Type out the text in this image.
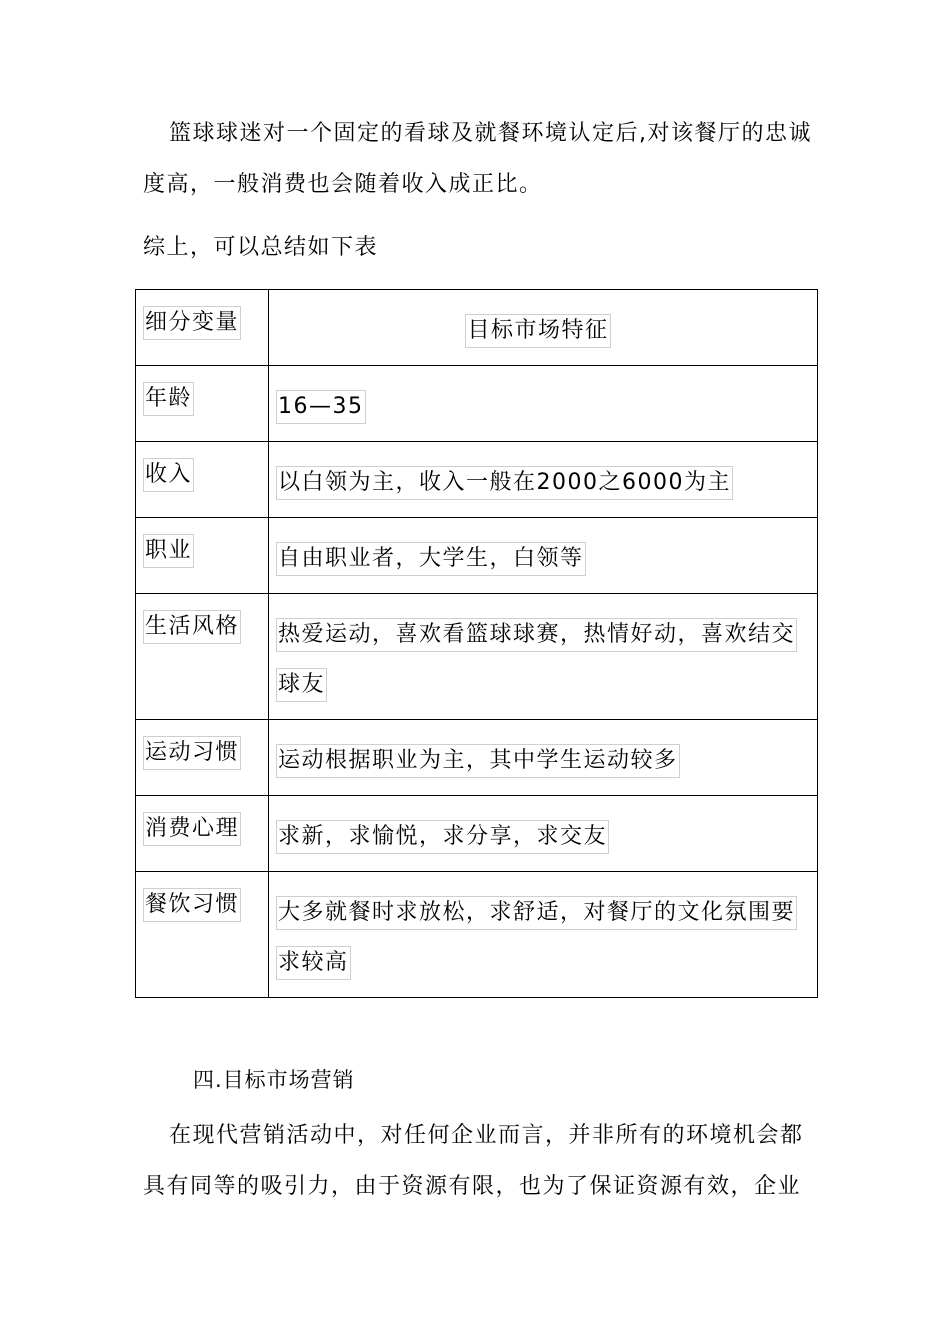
篮球球迷对一个固定的看球及就餐环境认定后,对该餐厅的忠诚度高，一般消费也会随着收入成正比。

综上，可以总结如下表

细分变量	目标市场特征
年龄	16—35
收入	以白领为主，收入一般在2000之6000为主
职业	自由职业者，大学生，白领等
生活风格	热爱运动，喜欢看篮球球赛，热情好动，喜欢结交
球友
运动习惯	运动根据职业为主，其中学生运动较多
消费心理	求新，求愉悦，求分享，求交友
餐饮习惯	大多就餐时求放松，求舒适，对餐厅的文化氛围要
求较高

四.目标市场营销

在现代营销活动中，对任何企业而言，并非所有的环境机会都具有同等的吸引力，由于资源有限，也为了保证资源有效，企业
